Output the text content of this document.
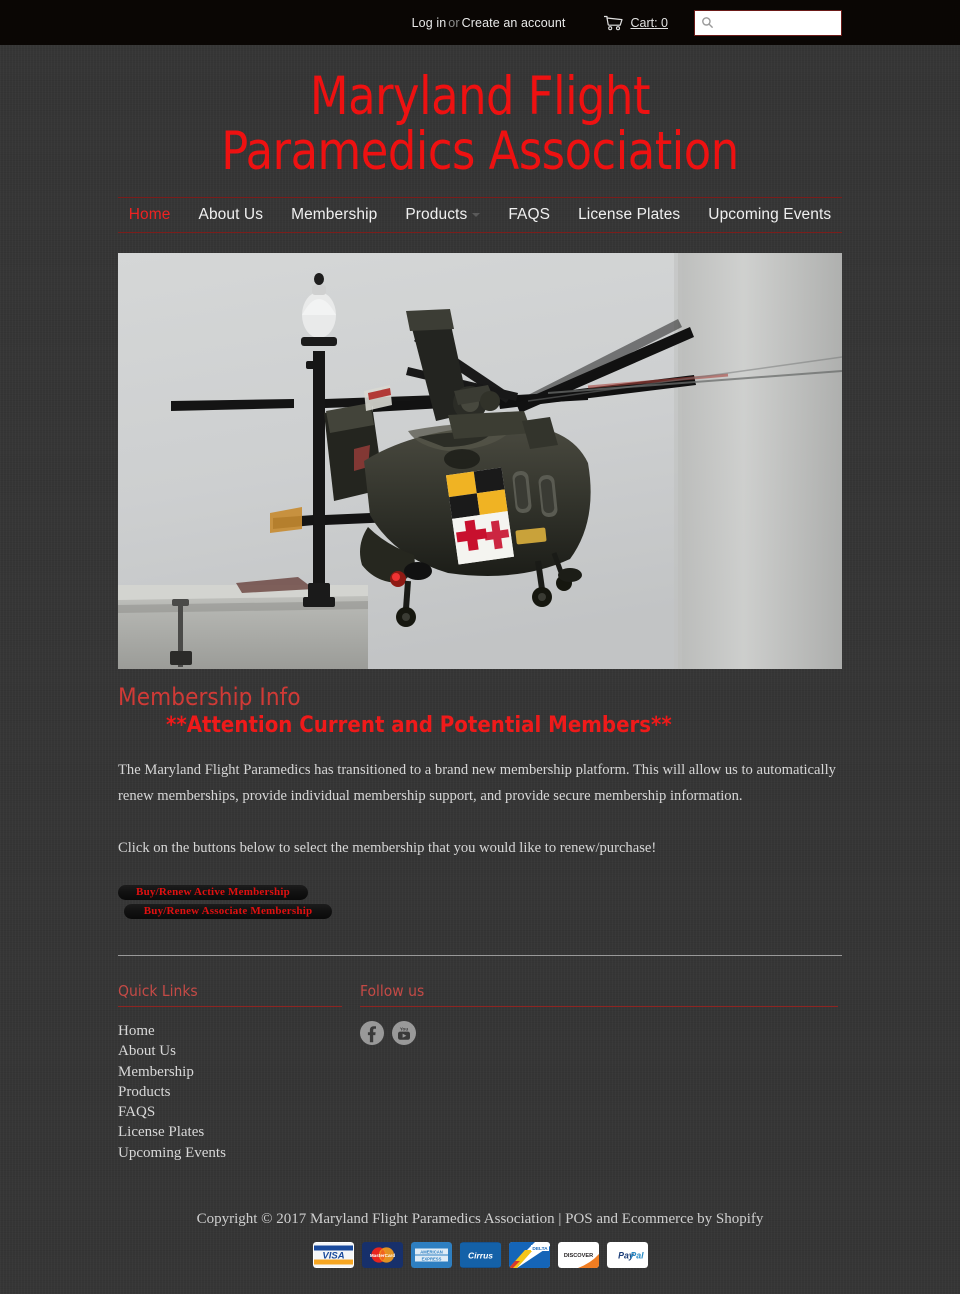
Log in or Create an account	Cart: 0
Maryland Flight
Paramedics Association
Home	About Us	Membership	Products	FAQS	License Plates	Upcoming Events
Membership Info
**Attention Current and Potential Members**

The Maryland Flight Paramedics has transitioned to a brand new membership platform. This will allow us to automatically renew memberships, provide individual membership support, and provide secure membership information.

Click on the buttons below to select the membership that you would like to renew/purchase!

Buy/Renew Active Membership
Buy/Renew Associate Membership
Quick Links
Home
About Us
Membership
Products
FAQS
License Plates
Upcoming Events
Follow us
You
Copyright © 2017 Maryland Flight Paramedics Association | POS and Ecommerce by Shopify
VISA	MasterCard
AMERICAN
EXPRESS	Cirrus
DELTA
DISCOVER	Pay
Pal
